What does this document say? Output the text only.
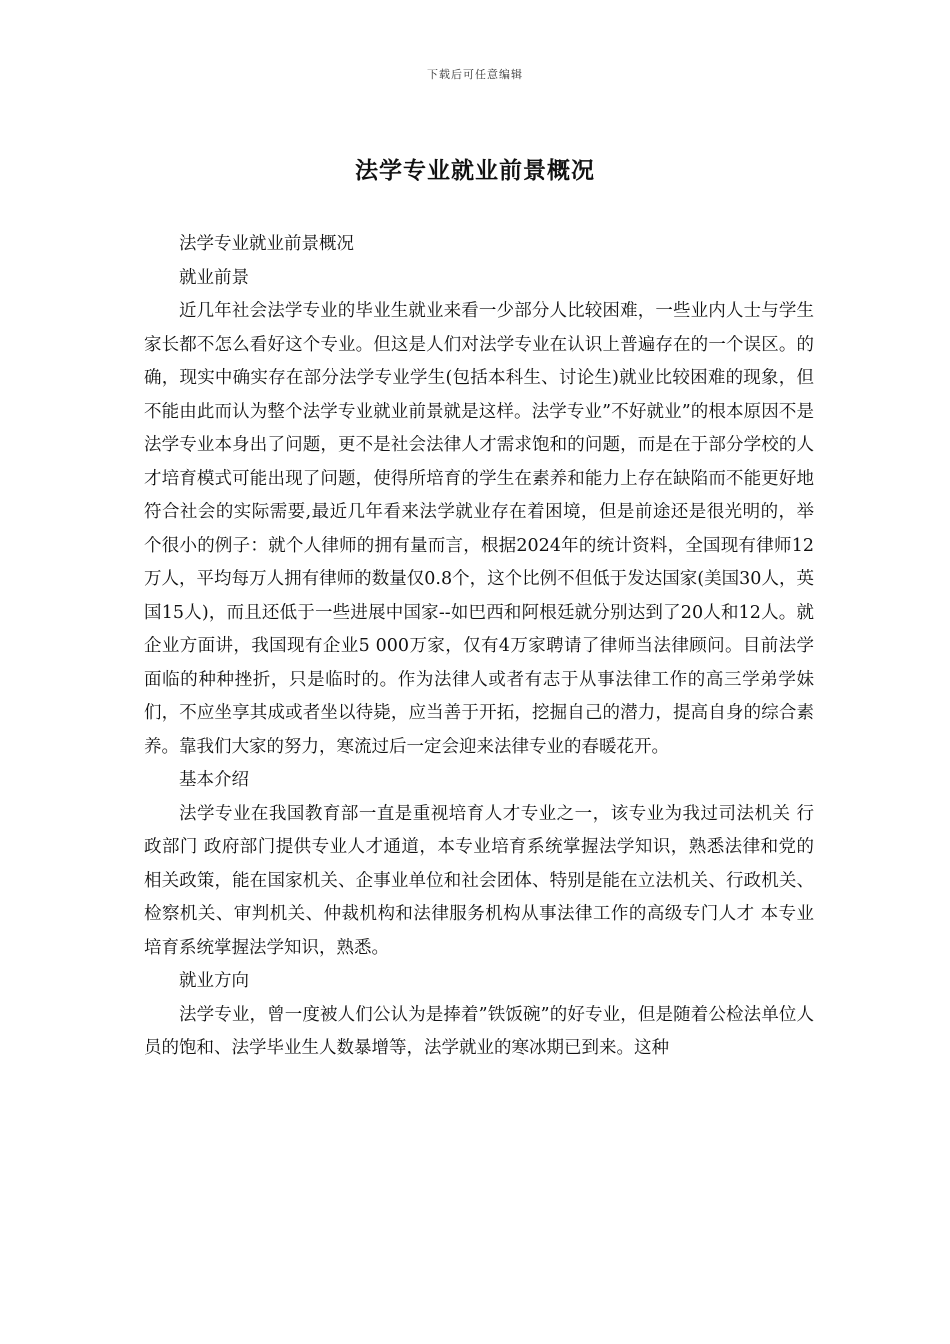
下载后可任意编辑
法学专业就业前景概况

法学专业就业前景概况

就业前景

近几年社会法学专业的毕业生就业来看一少部分人比较困难，一些业内人士与学生家长都不怎么看好这个专业。但这是人们对法学专业在认识上普遍存在的一个误区。的确，现实中确实存在部分法学专业学生(包括本科生、讨论生)就业比较困难的现象，但不能由此而认为整个法学专业就业前景就是这样。法学专业”不好就业”的根本原因不是法学专业本身出了问题，更不是社会法律人才需求饱和的问题，而是在于部分学校的人才培育模式可能出现了问题，使得所培育的学生在素养和能力上存在缺陷而不能更好地符合社会的实际需要,最近几年看来法学就业存在着困境，但是前途还是很光明的，举个很小的例子：就个人律师的拥有量而言，根据2024年的统计资料，全国现有律师12万人，平均每万人拥有律师的数量仅0.8个，这个比例不但低于发达国家(美国30人，英国15人)，而且还低于一些进展中国家--如巴西和阿根廷就分别达到了20人和12人。就企业方面讲，我国现有企业5 000万家，仅有4万家聘请了律师当法律顾问。目前法学面临的种种挫折，只是临时的。作为法律人或者有志于从事法律工作的高三学弟学妹们，不应坐享其成或者坐以待毙，应当善于开拓，挖掘自己的潜力，提高自身的综合素养。靠我们大家的努力，寒流过后一定会迎来法律专业的春暖花开。

基本介绍

法学专业在我国教育部一直是重视培育人才专业之一，该专业为我过司法机关 行政部门 政府部门提供专业人才通道，本专业培育系统掌握法学知识，熟悉法律和党的相关政策，能在国家机关、企事业单位和社会团体、特别是能在立法机关、行政机关、检察机关、审判机关、仲裁机构和法律服务机构从事法律工作的高级专门人才 本专业培育系统掌握法学知识，熟悉。

就业方向

法学专业，曾一度被人们公认为是捧着”铁饭碗”的好专业，但是随着公检法单位人员的饱和、法学毕业生人数暴增等，法学就业的寒冰期已到来。这种
